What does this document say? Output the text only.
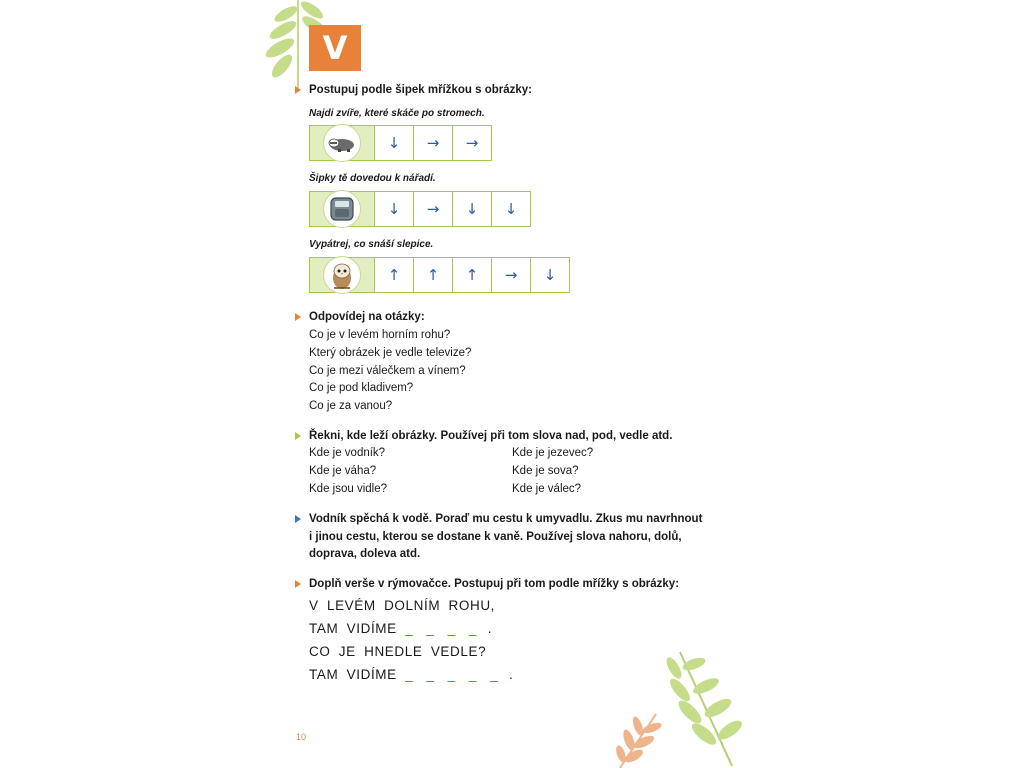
V
Postupuj podle šipek mřížkou s obrázky:
Najdi zvíře, které skáče po stromech.
↓ → →
Šipky tě dovedou k nářadí.
↓ → ↓ ↓
Vypátrej, co snáší slepice.
↑ ↑ ↑ → ↓
Odpovídej na otázky:
Co je v levém horním rohu?
Který obrázek je vedle televize?
Co je mezi válečkem a vínem?
Co je pod kladivem?
Co je za vanou?
Řekni, kde leží obrázky. Používej při tom slova nad, pod, vedle atd.
Kde je vodník?
Kde je váha?
Kde jsou vidle?
Kde je jezevec?
Kde je sova?
Kde je válec?
Vodník spěchá k vodě. Poraď mu cestu k umyvadlu. Zkus mu navrhnout
i jinou cestu, kterou se dostane k vaně. Používej slova nahoru, dolů,
doprava, doleva atd.
Doplň verše v rýmovačce. Postupuj při tom podle mřížky s obrázky:
V LEVÉM DOLNÍM ROHU,
TAM VIDÍME _ _ _ _ .
CO JE HNEDLE VEDLE?
TAM VIDÍME _ _ _ _ _ .
10
